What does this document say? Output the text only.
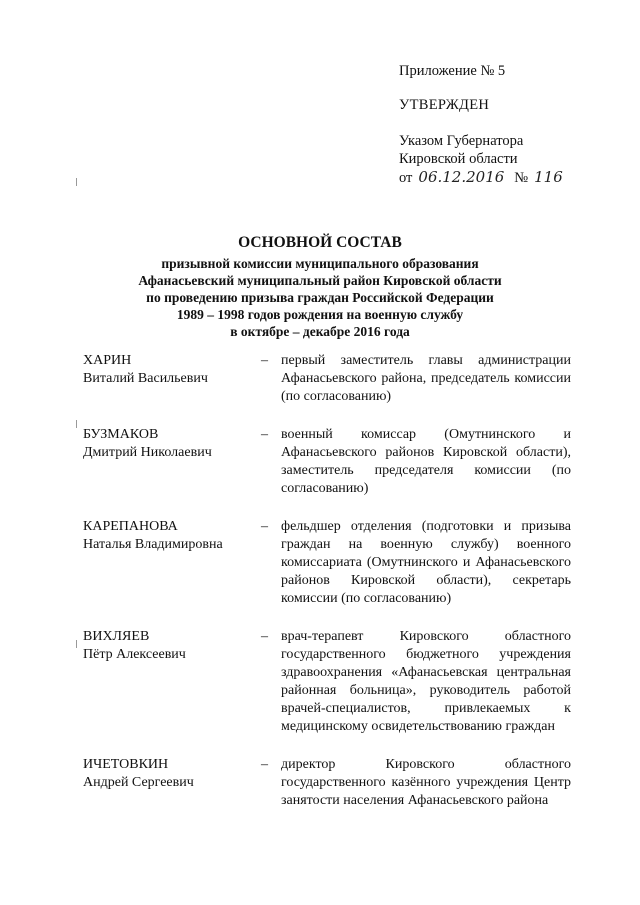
Приложение № 5
УТВЕРЖДЕН
Указом Губернатора
Кировской области
от 06.12.2016 № 116
ОСНОВНОЙ СОСТАВ
призывной комиссии муниципального образования
Афанасьевский муниципальный район Кировской области
по проведению призыва граждан Российской Федерации
1989 – 1998 годов рождения на военную службу
в октябре – декабре 2016 года
ХАРИН
Виталий Васильевич
– первый заместитель главы администрации Афанасьевского района, председатель комиссии (по согласованию)
БУЗМАКОВ
Дмитрий Николаевич
– военный комиссар (Омутнинского и Афанасьевского районов Кировской области), заместитель председателя комиссии (по согласованию)
КАРЕПАНОВА
Наталья Владимировна
– фельдшер отделения (подготовки и призыва граждан на военную службу) военного комиссариата (Омутнинского и Афанасьевского районов Кировской области), секретарь комиссии (по согласованию)
ВИХЛЯЕВ
Пётр Алексеевич
– врач-терапевт Кировского областного государственного бюджетного учреждения здравоохранения «Афанасьевская центральная районная больница», руководитель работой врачей-специалистов, привлекаемых к медицинскому освидетельствованию граждан
ИЧЕТОВКИН
Андрей Сергеевич
– директор Кировского областного государственного казённого учреждения Центр занятости населения Афанасьевского района
